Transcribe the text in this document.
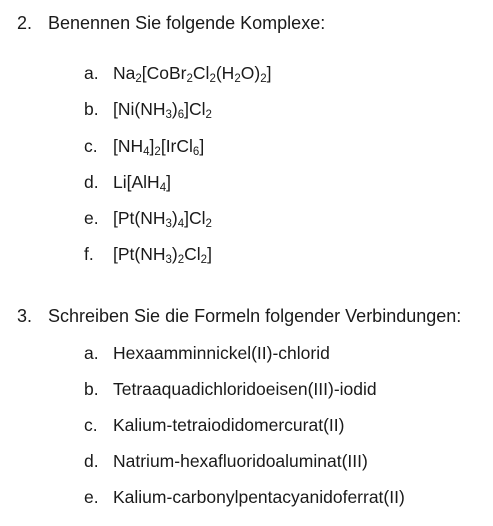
2. Benennen Sie folgende Komplexe:
a. $Na_2[CoBr_2Cl_2(H_2O)_2]$
b. $[Ni(NH_3)_6]Cl_2$
c. $[NH_4]_2[IrCl_6]$
d. Li[AlH$_4$]
e. $[Pt(NH_3)_4]Cl_2$
f. $[Pt(NH_3)_2Cl_2]$
3. Schreiben Sie die Formeln folgender Verbindungen:
a. Hexaamminnickel(II)-chlorid
b. Tetraaquadichloridoeisen(III)-iodid
c. Kalium-tetraiodidomercurat(II)
d. Natrium-hexafluoridoaluminat(III)
e. Kalium-carbonylpentacyanidoferrat(II)
